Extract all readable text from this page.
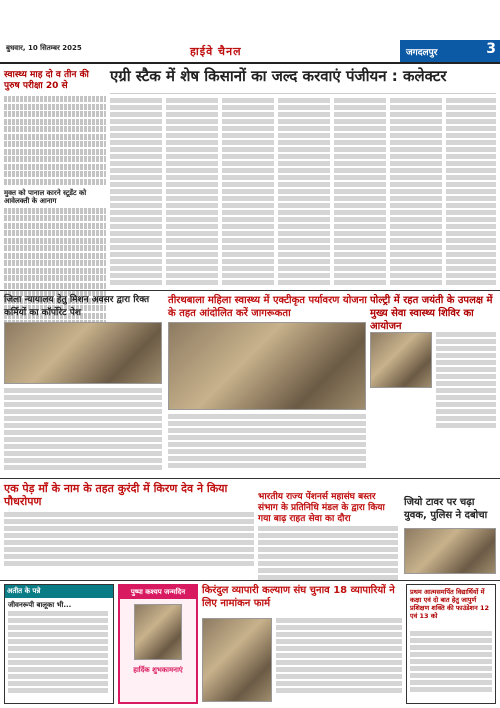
बुधवार, 10 सितम्बर 2025	हाईवे चैनल	जगदलपुर	3
स्वास्थ्य माह दो व तीन की पुरुष परीक्षा 20 से
मुक्त को पानाल कारने स्टूडेंट को आवेलक्ती के आनाग
एग्री स्टैक में शेष किसानों का जल्द करवाएं पंजीयन : कलेक्टर
जिला न्यायालय हेतु मिशन अवसर द्वारा रिक्त कर्मियों का कॉर्पोरेट पेश
तीरथबाला महिला स्वास्थ्य में एक्टीकृत पर्यावरण योजना के तहत आंदोलित करें जागरूकता
पोल्ट्री में रहत जयंती के उपलक्ष में मुख्य सेवा स्वास्थ्य शिविर का आयोजन
एक पेड़ माँ के नाम के तहत कुरंदी में किरण देव ने किया पौधरोपण	भारतीय राज्य पेंशनर्स महासंघ बस्तर संभाग के प्रतिनिधि मंडल के द्वारा किया गया बाढ़ राहत सेवा का दौरा
जियो टावर पर चढ़ा युवक, पुलिस ने दबोचा
अतीत के पन्ने
जीवनरूपी बालूका भी...
पुष्पा कश्यप जन्मदिन
हार्दिक शुभकामनाएं
किरंदुल व्यापारी कल्याण संघ चुनाव 18 व्यापारियों ने लिए नामांकन फार्म
प्रथम आत्मसमर्पित विद्यार्थियों में कक्षा एवं दो बात हेतु जापुर्ण प्रशिक्षण शक्ति की फाउंडेशन 12 एवं 13 को
